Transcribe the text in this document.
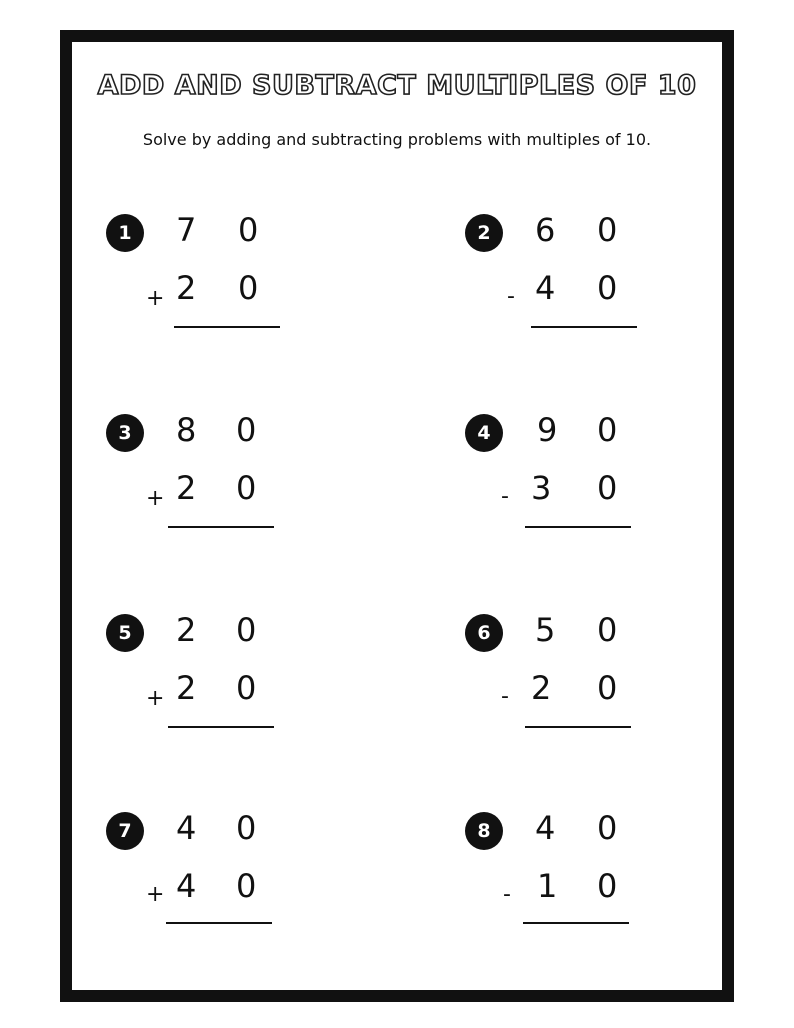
ADD AND SUBTRACT MULTIPLES OF 10
Solve by adding and subtracting problems with multiples of 10.
1	7 0
+ 2 0
2	6 0
- 4 0
3	8 0
+ 2 0
4	9 0
- 3 0
5	2 0
+ 2 0
6	5 0
- 2 0
7	4 0
+ 4 0
8	4 0
- 1 0
